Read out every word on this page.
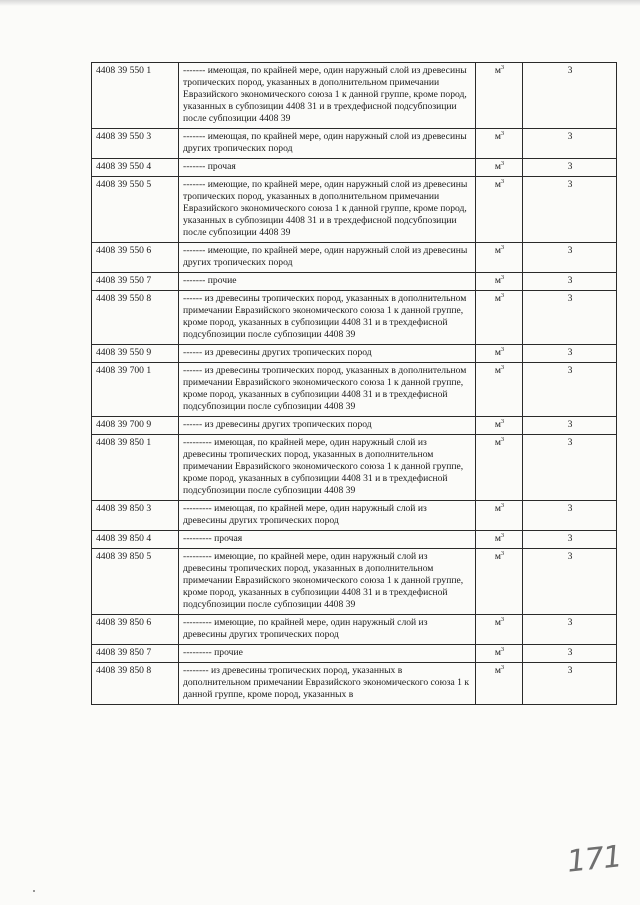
4408 39 550 1	------- имеющая, по крайней мере, один наружный слой из древесины тропических пород, указанных в дополнительном примечании Евразийского экономического союза 1 к данной группе, кроме пород, указанных в субпозиции 4408 31 и в трехдефисной подсубпозиции после субпозиции 4408 39	$м^3$	3
4408 39 550 3	------- имеющая, по крайней мере, один наружный слой из древесины других тропических пород	$м^3$	3
4408 39 550 4	------- прочая	$м^3$	3
4408 39 550 5	------- имеющие, по крайней мере, один наружный слой из древесины тропических пород, указанных в дополнительном примечании Евразийского экономического союза 1 к данной группе, кроме пород, указанных в субпозиции 4408 31 и в трехдефисной подсубпозиции после субпозиции 4408 39	$м^3$	3
4408 39 550 6	------- имеющие, по крайней мере, один наружный слой из древесины других тропических пород	$м^3$	3
4408 39 550 7	------- прочие	$м^3$	3
4408 39 550 8	------ из древесины тропических пород, указанных в дополнительном примечании Евразийского экономического союза 1 к данной группе, кроме пород, указанных в субпозиции 4408 31 и в трехдефисной подсубпозиции после субпозиции 4408 39	$м^3$	3
4408 39 550 9	------ из древесины других тропических пород	$м^3$	3
4408 39 700 1	------ из древесины тропических пород, указанных в дополнительном примечании Евразийского экономического союза 1 к данной группе, кроме пород, указанных в субпозиции 4408 31 и в трехдефисной подсубпозиции после субпозиции 4408 39	$м^3$	3
4408 39 700 9	------ из древесины других тропических пород	$м^3$	3
4408 39 850 1	--------- имеющая, по крайней мере, один наружный слой из древесины тропических пород, указанных в дополнительном примечании Евразийского экономического союза 1 к данной группе, кроме пород, указанных в субпозиции 4408 31 и в трехдефисной подсубпозиции после субпозиции 4408 39	$м^3$	3
4408 39 850 3	--------- имеющая, по крайней мере, один наружный слой из древесины других тропических пород	$м^3$	3
4408 39 850 4	--------- прочая	$м^3$	3
4408 39 850 5	--------- имеющие, по крайней мере, один наружный слой из древесины тропических пород, указанных в дополнительном примечании Евразийского экономического союза 1 к данной группе, кроме пород, указанных в субпозиции 4408 31 и в трехдефисной подсубпозиции после субпозиции 4408 39	$м^3$	3
4408 39 850 6	--------- имеющие, по крайней мере, один наружный слой из древесины других тропических пород	$м^3$	3
4408 39 850 7	--------- прочие	$м^3$	3
4408 39 850 8	-------- из древесины тропических пород, указанных в дополнительном примечании Евразийского экономического союза 1 к данной группе, кроме пород, указанных в	$м^3$	3
171
